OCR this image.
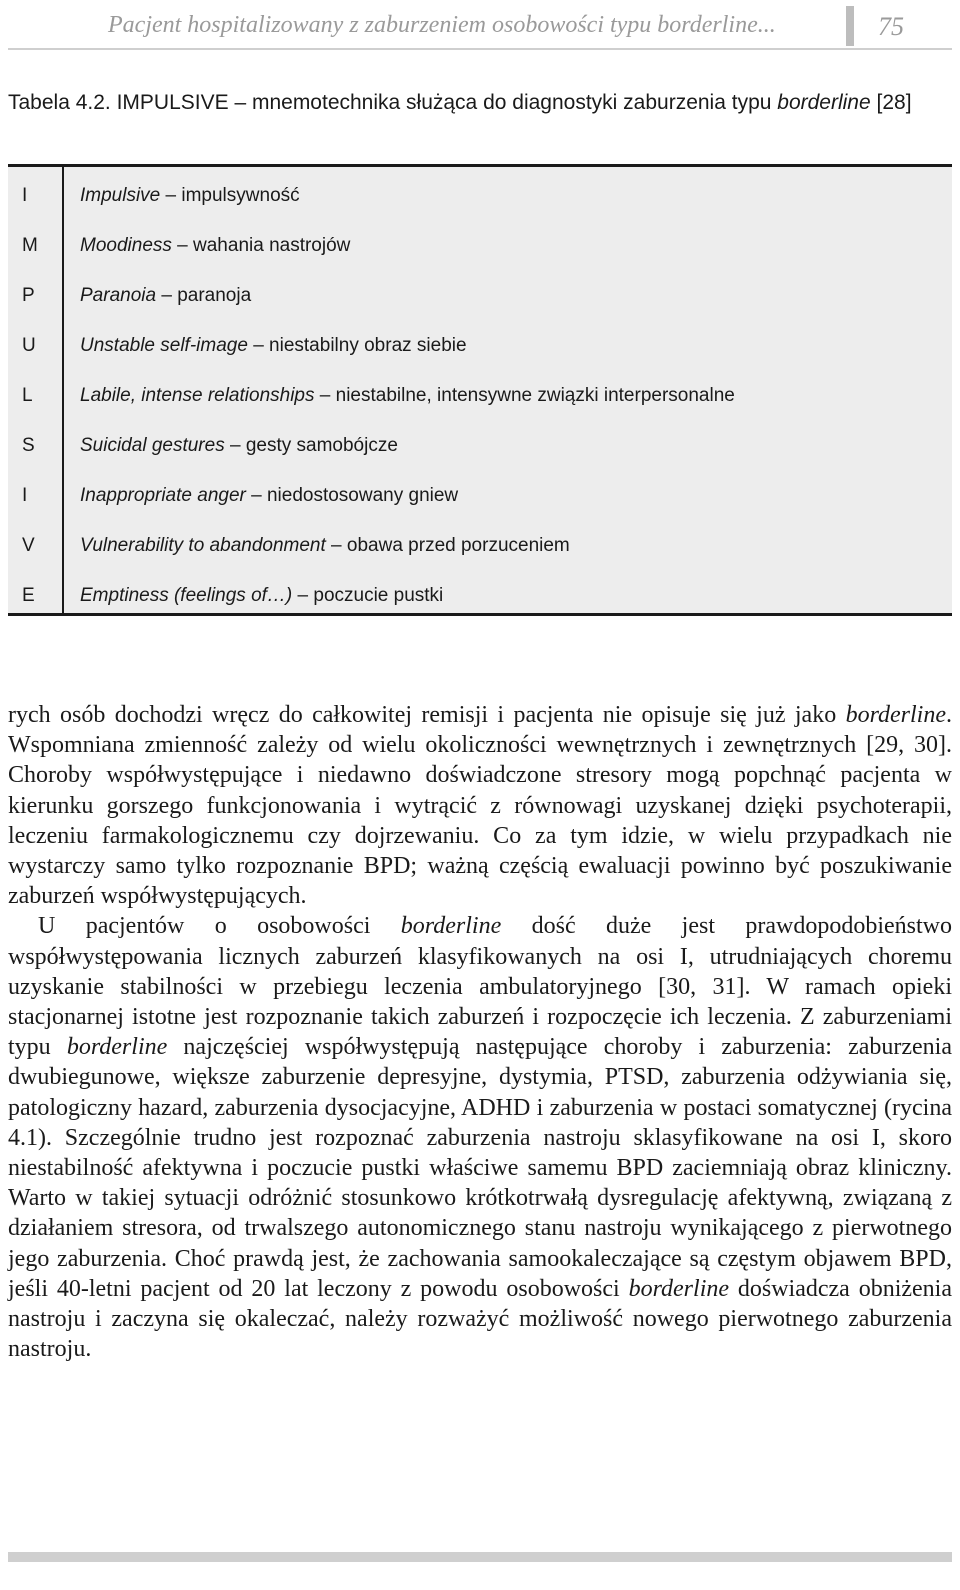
Pacjent hospitalizowany z zaburzeniem osobowości typu borderline...	75
Tabela 4.2. IMPULSIVE – mnemotechnika służąca do diagnostyki zaburzenia typu borderline [28]
I	Impulsive – impulsywność
M	Moodiness – wahania nastrojów
P	Paranoia – paranoja
U	Unstable self-image – niestabilny obraz siebie
L	Labile, intense relationships – niestabilne, intensywne związki interpersonalne
S	Suicidal gestures – gesty samobójcze
I	Inappropriate anger – niedostosowany gniew
V	Vulnerability to abandonment – obawa przed porzuceniem
E	Emptiness (feelings of…) – poczucie pustki

rych osób dochodzi wręcz do całkowitej remisji i pacjenta nie opisuje się już jako borderline. Wspomniana zmienność zależy od wielu okoliczności wewnętrznych i zewnętrznych [29, 30]. Choroby współwystępujące i niedawno doświadczone stresory mogą popchnąć pacjenta w kierunku gorszego funkcjonowania i wytrącić z równowagi uzyskanej dzięki psychoterapii, leczeniu farmakologicznemu czy dojrzewaniu. Co za tym idzie, w wielu przypadkach nie wystarczy samo tylko rozpoznanie BPD; ważną częścią ewaluacji powinno być poszukiwanie zaburzeń współwystępujących.

U pacjentów o osobowości borderline dość duże jest prawdopodobieństwo współwystępowania licznych zaburzeń klasyfikowanych na osi I, utrudniających choremu uzyskanie stabilności w przebiegu leczenia ambulatoryjnego [30, 31]. W ramach opieki stacjonarnej istotne jest rozpoznanie takich zaburzeń i rozpoczęcie ich leczenia. Z zaburzeniami typu borderline najczęściej współwystępują następujące choroby i zaburzenia: zaburzenia dwubiegunowe, większe zaburzenie depresyjne, dystymia, PTSD, zaburzenia odżywiania się, patologiczny hazard, zaburzenia dysocjacyjne, ADHD i zaburzenia w postaci somatycznej (rycina 4.1). Szczególnie trudno jest rozpoznać zaburzenia nastroju sklasyfikowane na osi I, skoro niestabilność afektywna i poczucie pustki właściwe samemu BPD zaciemniają obraz kliniczny. Warto w takiej sytuacji odróżnić stosunkowo krótkotrwałą dysregulację afektywną, związaną z działaniem stresora, od trwalszego autonomicznego stanu nastroju wynikającego z pierwotnego jego zaburzenia. Choć prawdą jest, że zachowania samookaleczające są częstym objawem BPD, jeśli 40-letni pacjent od 20 lat leczony z powodu osobowości borderline doświadcza obniżenia nastroju i zaczyna się okaleczać, należy rozważyć możliwość nowego pierwotnego zaburzenia nastroju.
